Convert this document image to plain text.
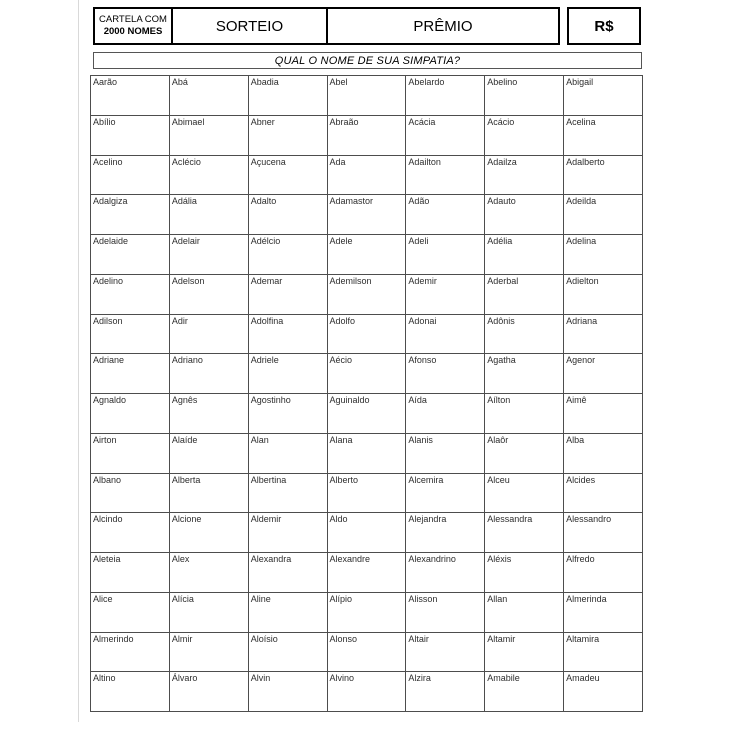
CARTELA COM
2000 NOMES	SORTEIO	PRÊMIO	R$
QUAL O NOME DE SUA SIMPATIA?
Aarão	Abá	Abadia	Abel	Abelardo	Abelino	Abigail
Abílio	Abimael	Abner	Abraão	Acácia	Acácio	Acelina
Acelino	Aclécio	Açucena	Ada	Adailton	Adailza	Adalberto
Adalgiza	Adália	Adalto	Adamastor	Adão	Adauto	Adeilda
Adelaide	Adelair	Adélcio	Adele	Adeli	Adélia	Adelina
Adelino	Adelson	Ademar	Ademilson	Ademir	Aderbal	Adielton
Adilson	Adir	Adolfina	Adolfo	Adonai	Adônis	Adriana
Adriane	Adriano	Adriele	Aécio	Afonso	Agatha	Agenor
Agnaldo	Agnês	Agostinho	Aguinaldo	Aída	Aílton	Aimê
Airton	Alaíde	Alan	Alana	Alanis	Alaôr	Alba
Albano	Alberta	Albertina	Alberto	Alcemira	Alceu	Alcides
Alcindo	Alcione	Aldemir	Aldo	Alejandra	Alessandra	Alessandro
Aleteia	Alex	Alexandra	Alexandre	Alexandrino	Aléxis	Alfredo
Alice	Alícia	Aline	Alípio	Alisson	Allan	Almerinda
Almerindo	Almir	Aloísio	Alonso	Altair	Altamir	Altamira
Altino	Álvaro	Alvin	Alvino	Alzira	Amabile	Amadeu
